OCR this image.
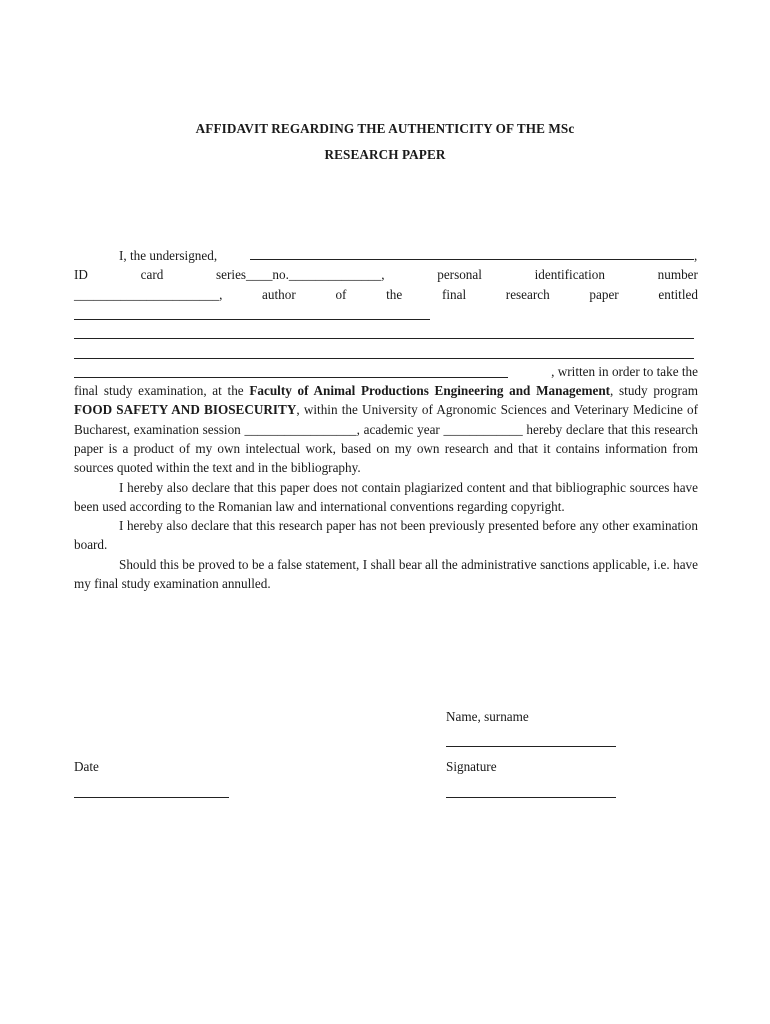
AFFIDAVIT REGARDING THE AUTHENTICITY OF THE MSc
RESEARCH PAPER
I, the undersigned,	,
ID	card	series____no.______________,	personal	identification	number
______________________,	author	of	the	final	research	paper	entitled
, written in order to take the

final study examination, at the Faculty of Animal Productions Engineering and Management, study program FOOD SAFETY AND BIOSECURITY, within the University of Agronomic Sciences and Veterinary Medicine of Bucharest, examination session _________________, academic year ____________ hereby declare that this research paper is a product of my own intelectual work, based on my own research and that it contains information from sources quoted within the text and in the bibliography.

I hereby also declare that this paper does not contain plagiarized content and that bibliographic sources have been used according to the Romanian law and international conventions regarding copyright.

I hereby also declare that this research paper has not been previously presented before any other examination board.

Should this be proved to be a false statement, I shall bear all the administrative sanctions applicable, i.e. have my final study examination annulled.

Name, surname
Date	Signature
